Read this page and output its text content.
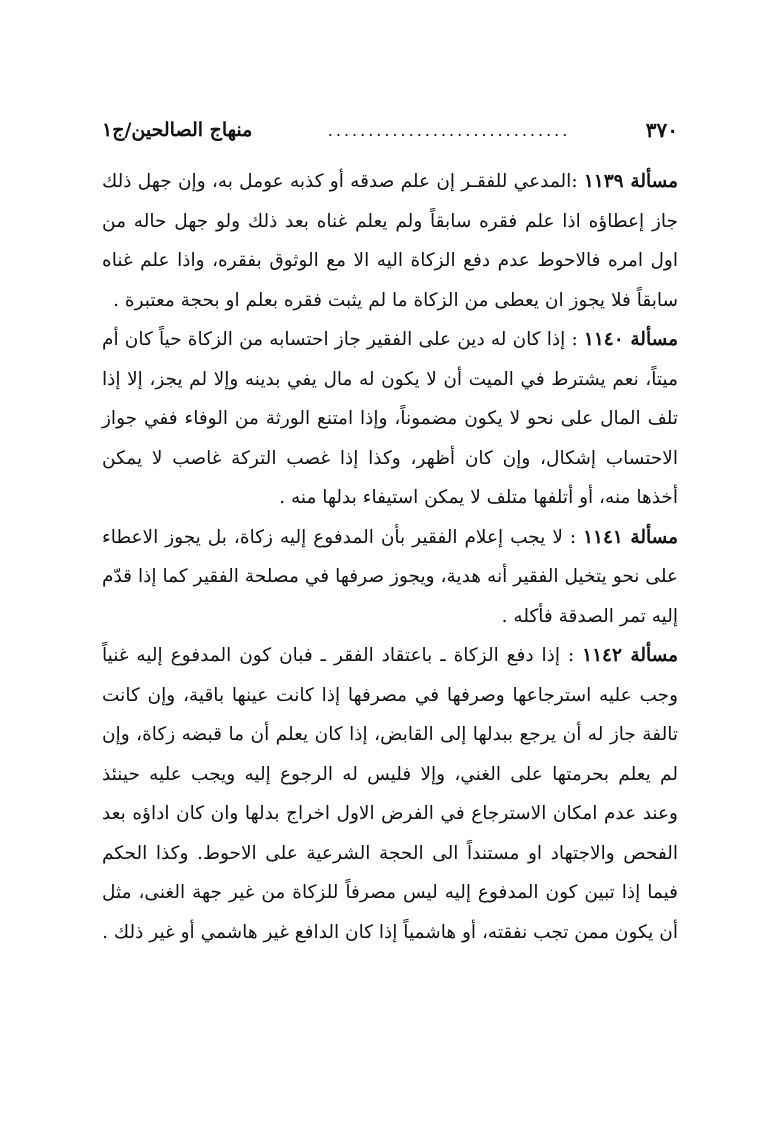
٣٧٠
..............................
منهاج الصالحين/ج١

مسألة ١١٣٩ :المدعي للفقـر إن علم صدقه أو كذبه عومل به، وإن جهل ذلك جاز إعطاؤه اذا علم فقره سابقاً ولم يعلم غناه بعد ذلك ولو جهل حاله من اول امره فالاحوط عدم دفع الزكاة اليه الا مع الوثوق بفقره، واذا علم غناه سابقاً فلا يجوز ان يعطى من الزكاة ما لم يثبت فقره بعلم او بحجة معتبرة .

مسألة ١١٤٠ : إذا كان له دين على الفقير جاز احتسابه من الزكاة حياً كان أم ميتاً، نعم يشترط في الميت أن لا يكون له مال يفي بدينه وإلا لم يجز، إلا إذا تلف المال على نحو لا يكون مضموناً، وإذا امتنع الورثة من الوفاء ففي جواز الاحتساب إشكال، وإن كان أظهر، وكذا إذا غصب التركة غاصب لا يمكن أخذها منه، أو أتلفها متلف لا يمكن استيفاء بدلها منه .

مسألة ١١٤١ : لا يجب إعلام الفقير بأن المدفوع إليه زكاة، بل يجوز الاعطاء على نحو يتخيل الفقير أنه هدية، ويجوز صرفها في مصلحة الفقير كما إذا قدّم إليه تمر الصدقة فأكله .

مسألة ١١٤٢ : إذا دفع الزكاة ـ باعتقاد الفقر ـ فبان كون المدفوع إليه غنياً وجب عليه استرجاعها وصرفها في مصرفها إذا كانت عينها باقية، وإن كانت تالفة جاز له أن يرجع ببدلها إلى القابض، إذا كان يعلم أن ما قبضه زكاة، وإن لم يعلم بحرمتها على الغني، وإلا فليس له الرجوع إليه ويجب عليه حينئذ وعند عدم امكان الاسترجاع في الفرض الاول اخراج بدلها وان كان اداؤه بعد الفحص والاجتهاد او مستنداً الى الحجة الشرعية على الاحوط. وكذا الحكم فيما إذا تبين كون المدفوع إليه ليس مصرفاً للزكاة من غير جهة الغنى، مثل أن يكون ممن تجب نفقته، أو هاشمياً إذا كان الدافع غير هاشمي أو غير ذلك .
